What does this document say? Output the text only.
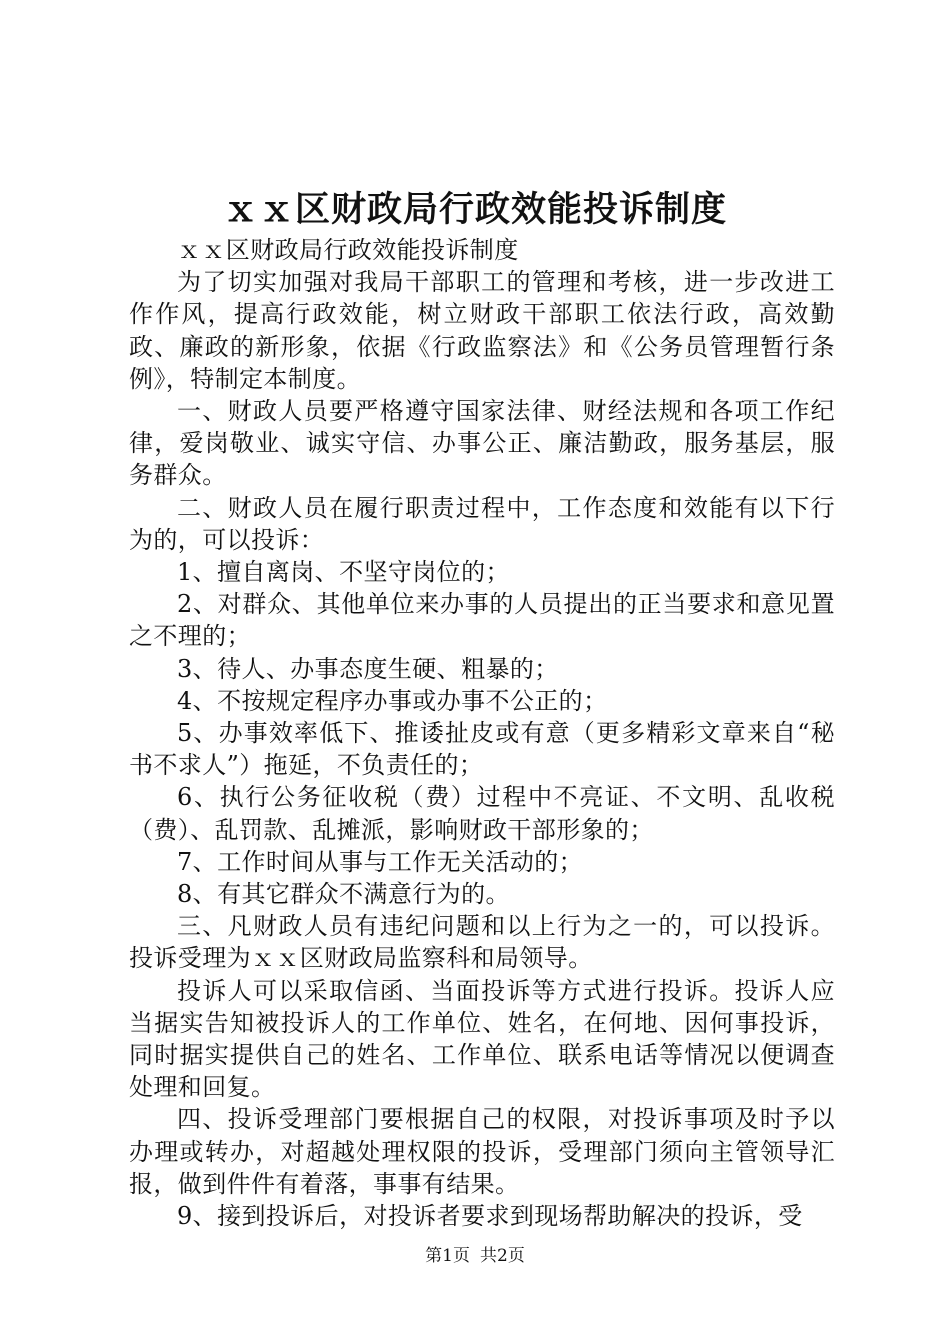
ｘｘ区财政局行政效能投诉制度

ｘｘ区财政局行政效能投诉制度

为了切实加强对我局干部职工的管理和考核，进一步改进工作作风，提高行政效能，树立财政干部职工依法行政，高效勤政、廉政的新形象，依据《行政监察法》和《公务员管理暂行条例》，特制定本制度。

一、财政人员要严格遵守国家法律、财经法规和各项工作纪律，爱岗敬业、诚实守信、办事公正、廉洁勤政，服务基层，服务群众。

二、财政人员在履行职责过程中，工作态度和效能有以下行为的，可以投诉：

1、擅自离岗、不坚守岗位的；

2、对群众、其他单位来办事的人员提出的正当要求和意见置之不理的；

3、待人、办事态度生硬、粗暴的；

4、不按规定程序办事或办事不公正的；

5、办事效率低下、推诿扯皮或有意（更多精彩文章来自“秘书不求人”）拖延，不负责任的；

6、执行公务征收税（费）过程中不亮证、不文明、乱收税（费）、乱罚款、乱摊派，影响财政干部形象的；

7、工作时间从事与工作无关活动的；

8、有其它群众不满意行为的。

三、凡财政人员有违纪问题和以上行为之一的，可以投诉。投诉受理为ｘｘ区财政局监察科和局领导。

投诉人可以采取信函、当面投诉等方式进行投诉。投诉人应当据实告知被投诉人的工作单位、姓名，在何地、因何事投诉，同时据实提供自己的姓名、工作单位、联系电话等情况以便调查处理和回复。

四、投诉受理部门要根据自己的权限，对投诉事项及时予以办理或转办，对超越处理权限的投诉，受理部门须向主管领导汇报，做到件件有着落，事事有结果。

9、接到投诉后，对投诉者要求到现场帮助解决的投诉，受

第1页 共2页
